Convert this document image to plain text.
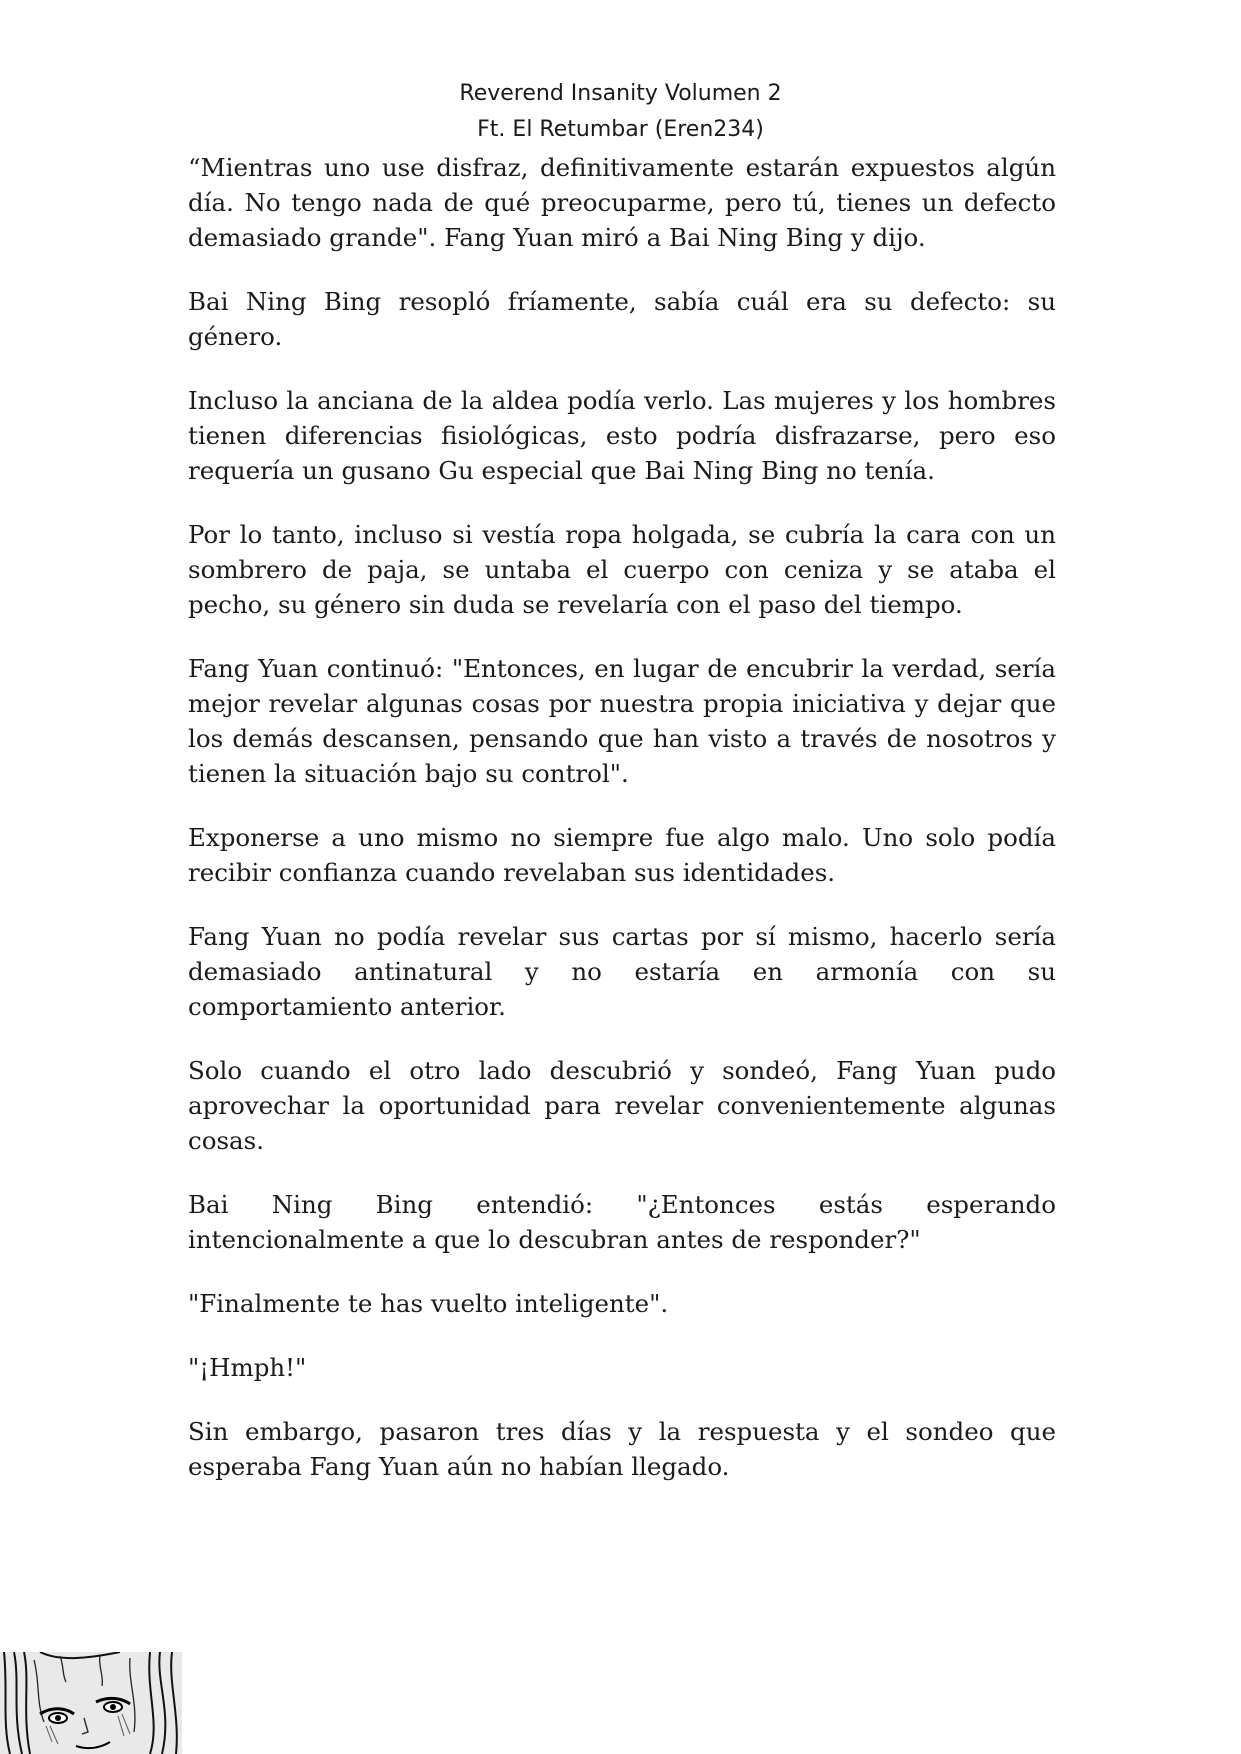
Reverend Insanity Volumen 2
Ft. El Retumbar (Eren234)

“Mientras uno use disfraz, definitivamente estarán expuestos algún día. No tengo nada de qué preocuparme, pero tú, tienes un defecto demasiado grande". Fang Yuan miró a Bai Ning Bing y dijo.

Bai Ning Bing resopló fríamente, sabía cuál era su defecto: su género.

Incluso la anciana de la aldea podía verlo. Las mujeres y los hombres tienen diferencias fisiológicas, esto podría disfrazarse, pero eso requería un gusano Gu especial que Bai Ning Bing no tenía.

Por lo tanto, incluso si vestía ropa holgada, se cubría la cara con un sombrero de paja, se untaba el cuerpo con ceniza y se ataba el pecho, su género sin duda se revelaría con el paso del tiempo.

Fang Yuan continuó: "Entonces, en lugar de encubrir la verdad, sería mejor revelar algunas cosas por nuestra propia iniciativa y dejar que los demás descansen, pensando que han visto a través de nosotros y tienen la situación bajo su control".

Exponerse a uno mismo no siempre fue algo malo. Uno solo podía recibir confianza cuando revelaban sus identidades.

Fang Yuan no podía revelar sus cartas por sí mismo, hacerlo sería demasiado antinatural y no estaría en armonía con su comportamiento anterior.

Solo cuando el otro lado descubrió y sondeó, Fang Yuan pudo aprovechar la oportunidad para revelar convenientemente algunas cosas.

Bai Ning Bing entendió: "¿Entonces estás esperando intencionalmente a que lo descubran antes de responder?"

"Finalmente te has vuelto inteligente".

"¡Hmph!"

Sin embargo, pasaron tres días y la respuesta y el sondeo que esperaba Fang Yuan aún no habían llegado.
